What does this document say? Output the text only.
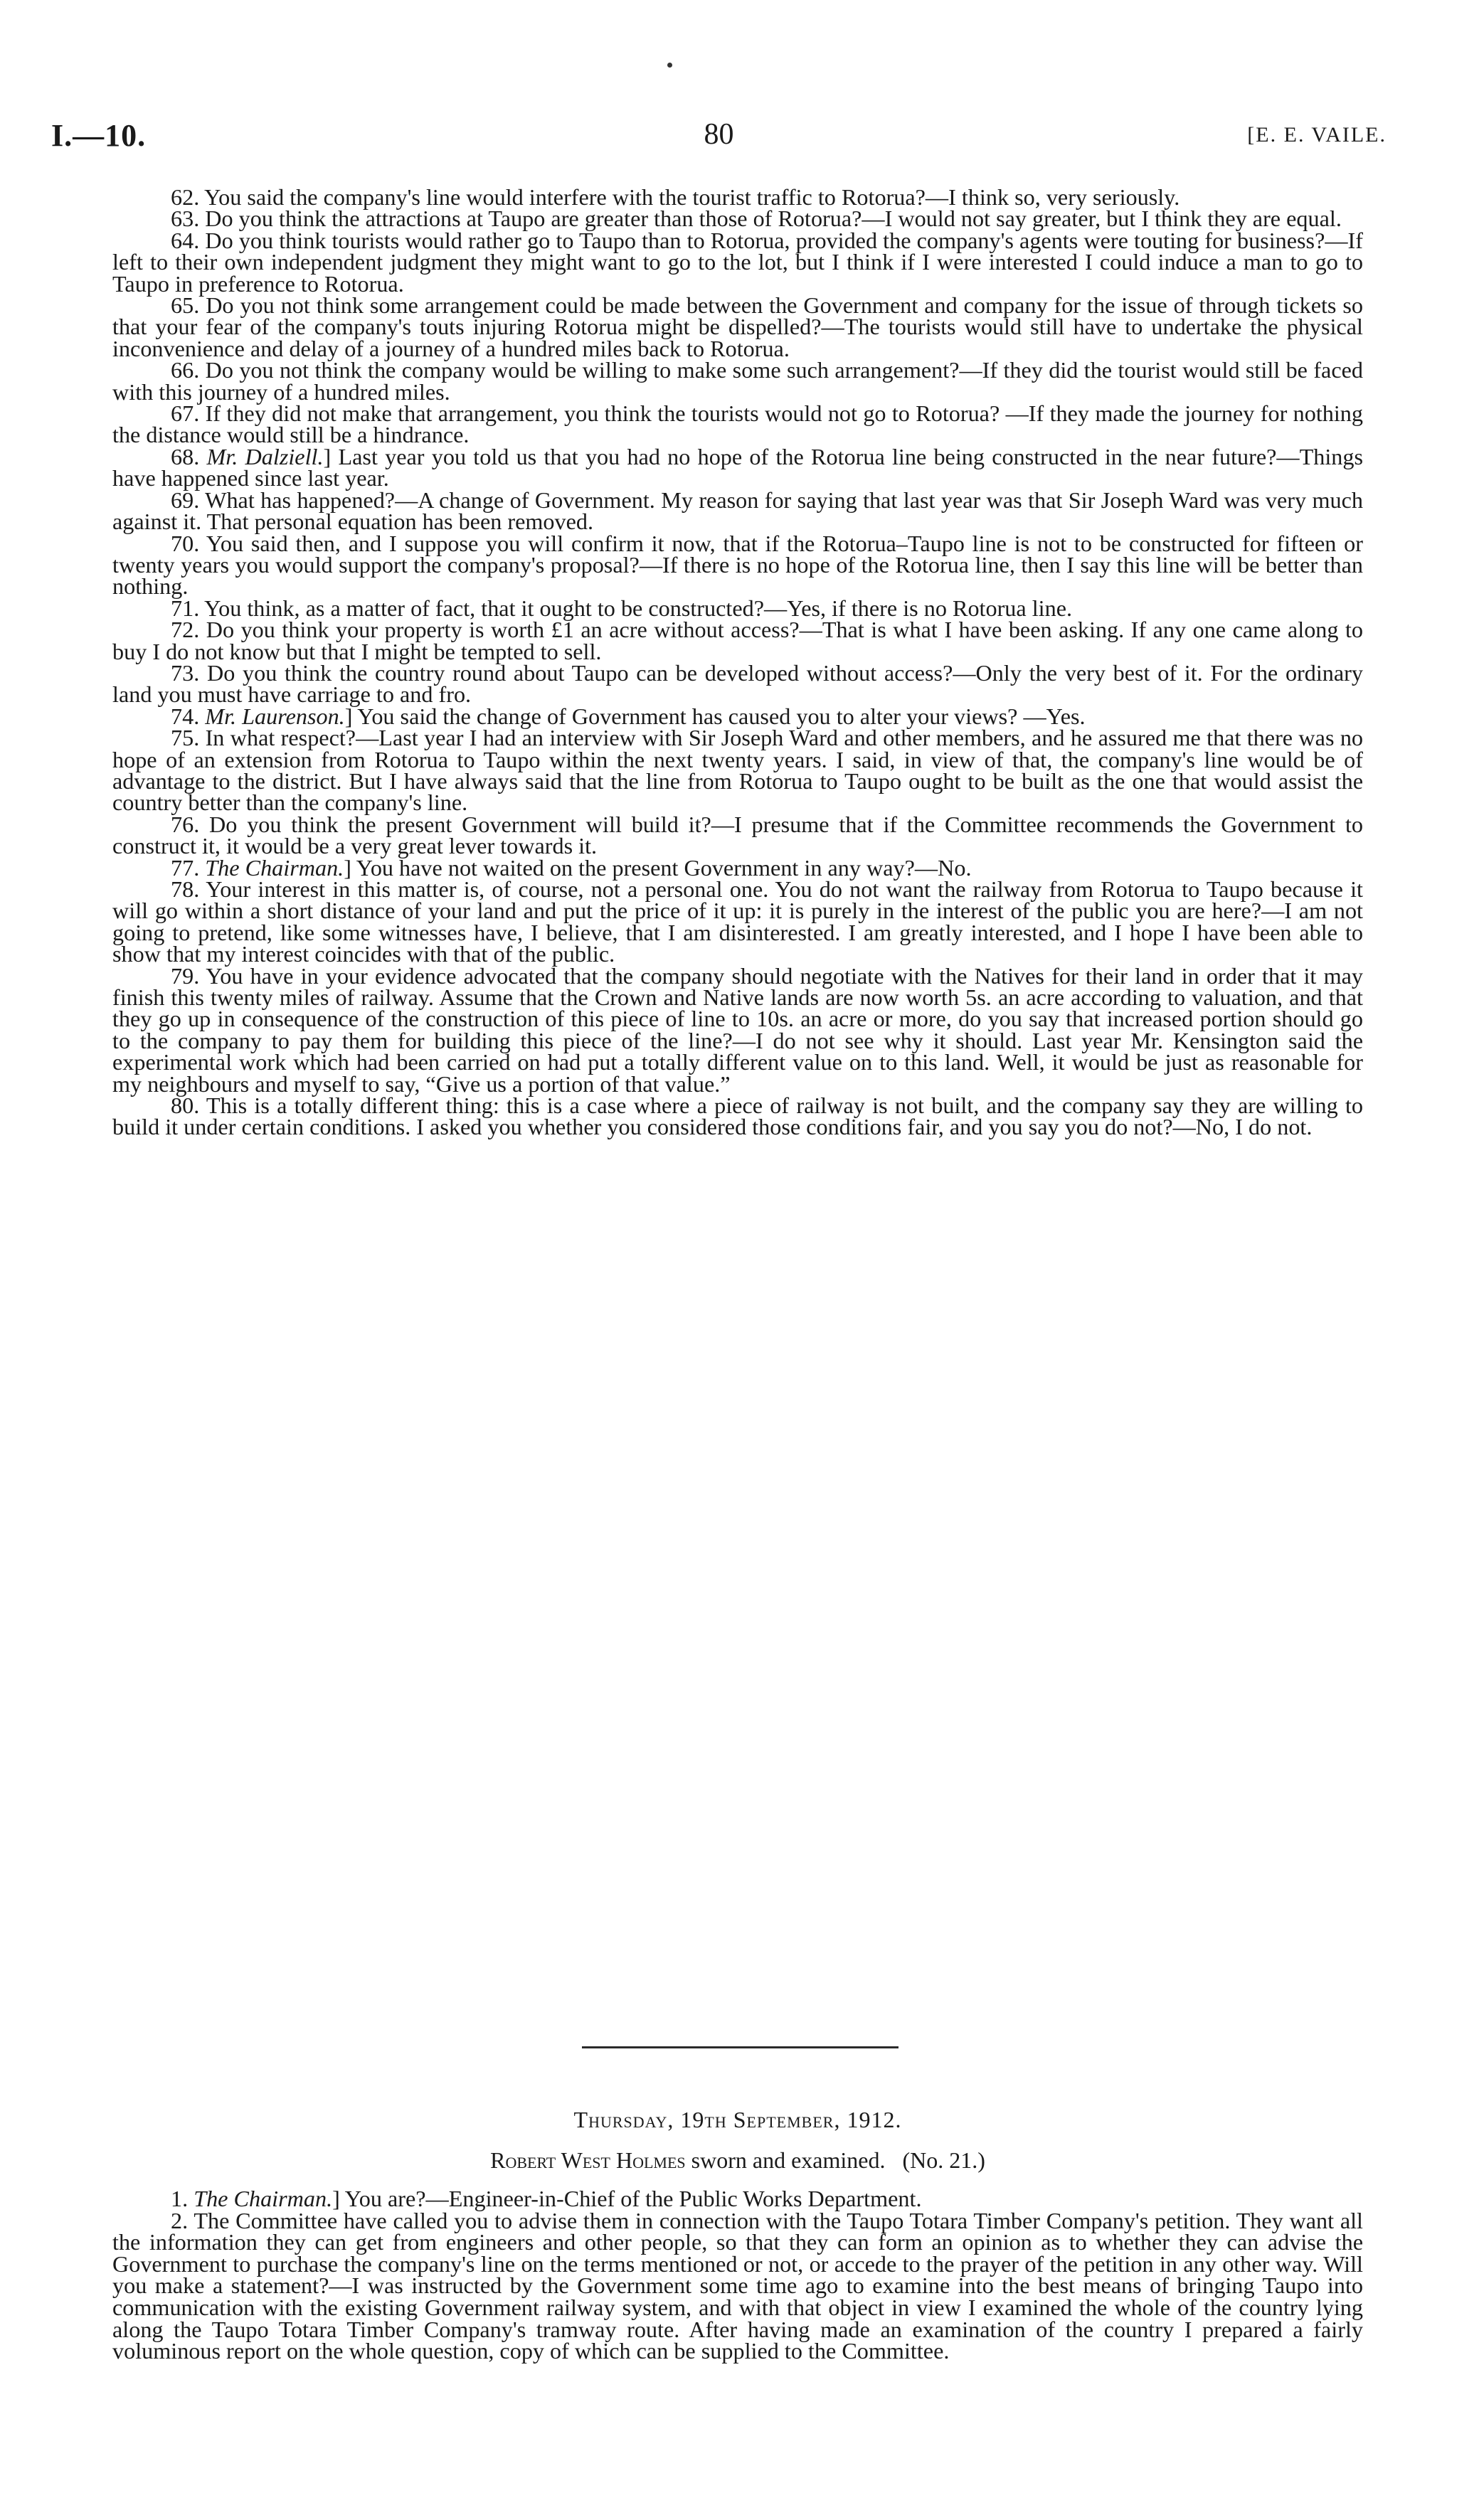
I.—10.	80	[E. E. VAILE.

62. You said the company's line would interfere with the tourist traffic to Rotorua?—I think so, very seriously.

63. Do you think the attractions at Taupo are greater than those of Rotorua?—I would not say greater, but I think they are equal.

64. Do you think tourists would rather go to Taupo than to Rotorua, provided the company's agents were touting for business?—If left to their own independent judgment they might want to go to the lot, but I think if I were interested I could induce a man to go to Taupo in preference to Rotorua.

65. Do you not think some arrangement could be made between the Government and company for the issue of through tickets so that your fear of the company's touts injuring Rotorua might be dispelled?—The tourists would still have to undertake the physical inconvenience and delay of a journey of a hundred miles back to Rotorua.

66. Do you not think the company would be willing to make some such arrangement?—If they did the tourist would still be faced with this journey of a hundred miles.

67. If they did not make that arrangement, you think the tourists would not go to Rotorua? —If they made the journey for nothing the distance would still be a hindrance.

68. Mr. Dalziell.] Last year you told us that you had no hope of the Rotorua line being constructed in the near future?—Things have happened since last year.

69. What has happened?—A change of Government. My reason for saying that last year was that Sir Joseph Ward was very much against it. That personal equation has been removed.

70. You said then, and I suppose you will confirm it now, that if the Rotorua–Taupo line is not to be constructed for fifteen or twenty years you would support the company's proposal?—If there is no hope of the Rotorua line, then I say this line will be better than nothing.

71. You think, as a matter of fact, that it ought to be constructed?—Yes, if there is no Rotorua line.

72. Do you think your property is worth £1 an acre without access?—That is what I have been asking. If any one came along to buy I do not know but that I might be tempted to sell.

73. Do you think the country round about Taupo can be developed without access?—Only the very best of it. For the ordinary land you must have carriage to and fro.

74. Mr. Laurenson.] You said the change of Government has caused you to alter your views? —Yes.

75. In what respect?—Last year I had an interview with Sir Joseph Ward and other members, and he assured me that there was no hope of an extension from Rotorua to Taupo within the next twenty years. I said, in view of that, the company's line would be of advantage to the district. But I have always said that the line from Rotorua to Taupo ought to be built as the one that would assist the country better than the company's line.

76. Do you think the present Government will build it?—I presume that if the Committee recommends the Government to construct it, it would be a very great lever towards it.

77. The Chairman.] You have not waited on the present Government in any way?—No.

78. Your interest in this matter is, of course, not a personal one. You do not want the railway from Rotorua to Taupo because it will go within a short distance of your land and put the price of it up: it is purely in the interest of the public you are here?—I am not going to pretend, like some witnesses have, I believe, that I am disinterested. I am greatly interested, and I hope I have been able to show that my interest coincides with that of the public.

79. You have in your evidence advocated that the company should negotiate with the Natives for their land in order that it may finish this twenty miles of railway. Assume that the Crown and Native lands are now worth 5s. an acre according to valuation, and that they go up in consequence of the construction of this piece of line to 10s. an acre or more, do you say that increased portion should go to the company to pay them for building this piece of the line?—I do not see why it should. Last year Mr. Kensington said the experimental work which had been carried on had put a totally different value on to this land. Well, it would be just as reasonable for my neighbours and myself to say, “Give us a portion of that value.”

80. This is a totally different thing: this is a case where a piece of railway is not built, and the company say they are willing to build it under certain conditions. I asked you whether you considered those conditions fair, and you say you do not?—No, I do not.

Thursday, 19th September, 1912.

Robert West Holmes sworn and examined. (No. 21.)

1. The Chairman.] You are?—Engineer-in-Chief of the Public Works Department.

2. The Committee have called you to advise them in connection with the Taupo Totara Timber Company's petition. They want all the information they can get from engineers and other people, so that they can form an opinion as to whether they can advise the Government to purchase the company's line on the terms mentioned or not, or accede to the prayer of the petition in any other way. Will you make a statement?—I was instructed by the Government some time ago to examine into the best means of bringing Taupo into communication with the existing Government railway system, and with that object in view I examined the whole of the country lying along the Taupo Totara Timber Company's tramway route. After having made an examination of the country I prepared a fairly voluminous report on the whole question, copy of which can be supplied to the Committee.
